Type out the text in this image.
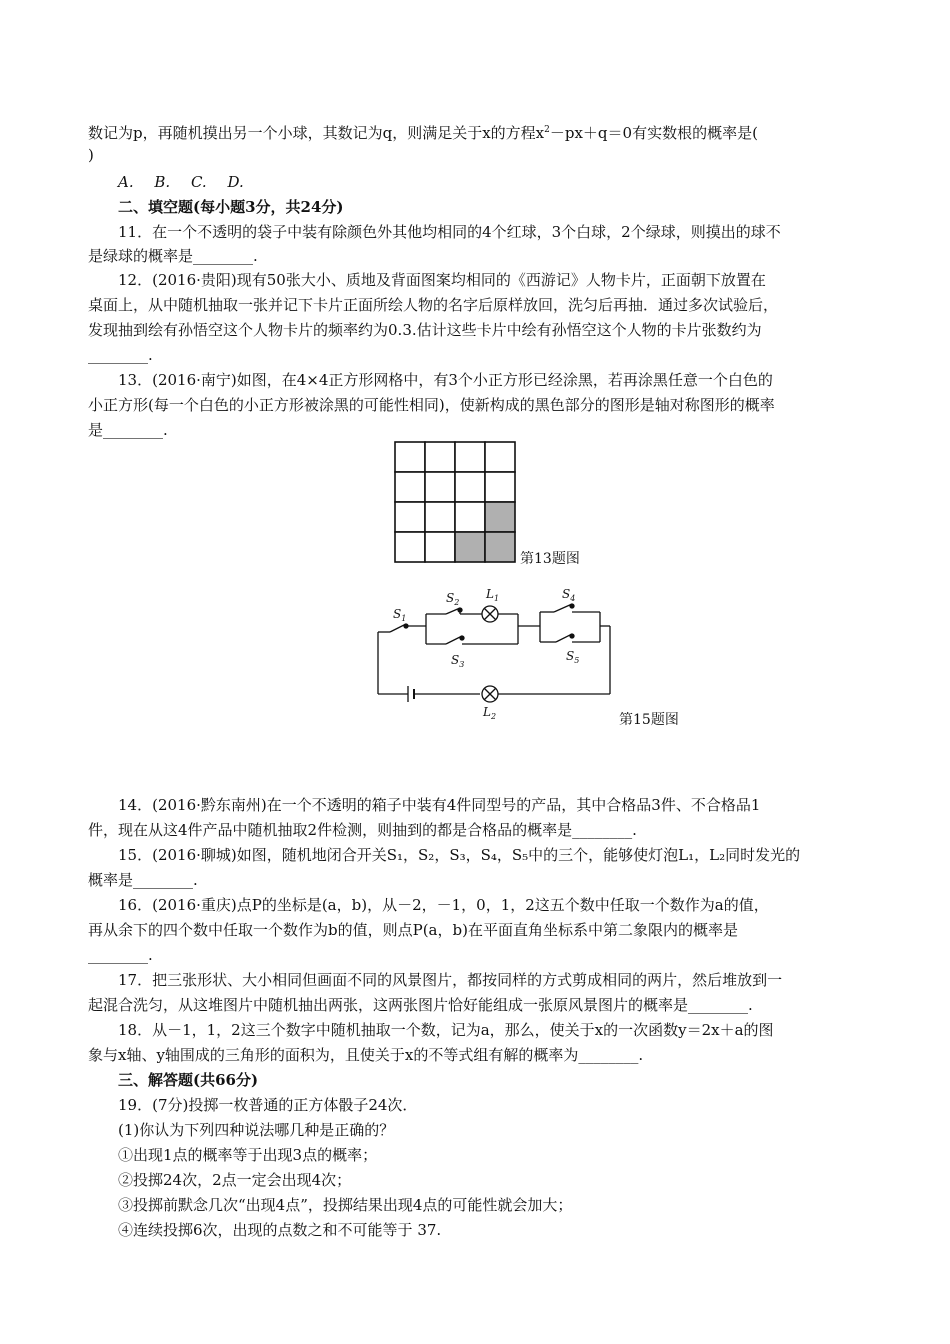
数记为p，再随机摸出另一个小球，其数记为q，则满足关于x的方程$x^2-px+q=0$有实数根的概率是(
)
A. B. C. D.
二、填空题(每小题3分，共24分)
11．在一个不透明的袋子中装有除颜色外其他均相同的4个红球，3个白球，2个绿球，则摸出的球不
是绿球的概率是________.
12．(2016·贵阳)现有50张大小、质地及背面图案均相同的《西游记》人物卡片，正面朝下放置在
桌面上，从中随机抽取一张并记下卡片正面所绘人物的名字后原样放回，洗匀后再抽．通过多次试验后，
发现抽到绘有孙悟空这个人物卡片的频率约为0.3.估计这些卡片中绘有孙悟空这个人物的卡片张数约为
________.
13．(2016·南宁)如图，在4×4正方形网格中，有3个小正方形已经涂黑，若再涂黑任意一个白色的
小正方形(每一个白色的小正方形被涂黑的可能性相同)，使新构成的黑色部分的图形是轴对称图形的概率
是________.
第13题图
$S_1$
$S_2$
$L_1$
$S_3$
$S_4$
$S_5$
$L_2$	第15题图
14．(2016·黔东南州)在一个不透明的箱子中装有4件同型号的产品，其中合格品3件、不合格品1
件，现在从这4件产品中随机抽取2件检测，则抽到的都是合格品的概率是________.
15．(2016·聊城)如图，随机地闭合开关S₁，S₂，S₃，S₄，S₅中的三个，能够使灯泡L₁，L₂同时发光的
概率是________.
16．(2016·重庆)点P的坐标是(a，b)，从－2，－1，0，1，2这五个数中任取一个数作为a的值，
再从余下的四个数中任取一个数作为b的值，则点P(a，b)在平面直角坐标系中第二象限内的概率是
________.
17．把三张形状、大小相同但画面不同的风景图片，都按同样的方式剪成相同的两片，然后堆放到一
起混合洗匀，从这堆图片中随机抽出两张，这两张图片恰好能组成一张原风景图片的概率是________.
18．从－1，1，2这三个数字中随机抽取一个数，记为a，那么，使关于x的一次函数y＝2x＋a的图
象与x轴、y轴围成的三角形的面积为，且使关于x的不等式组有解的概率为________.
三、解答题(共66分)
19．(7分)投掷一枚普通的正方体骰子24次．
(1)你认为下列四种说法哪几种是正确的？
①出现1点的概率等于出现3点的概率；
②投掷24次，2点一定会出现4次；
③投掷前默念几次“出现4点”，投掷结果出现4点的可能性就会加大；
④连续投掷6次，出现的点数之和不可能等于 37.
